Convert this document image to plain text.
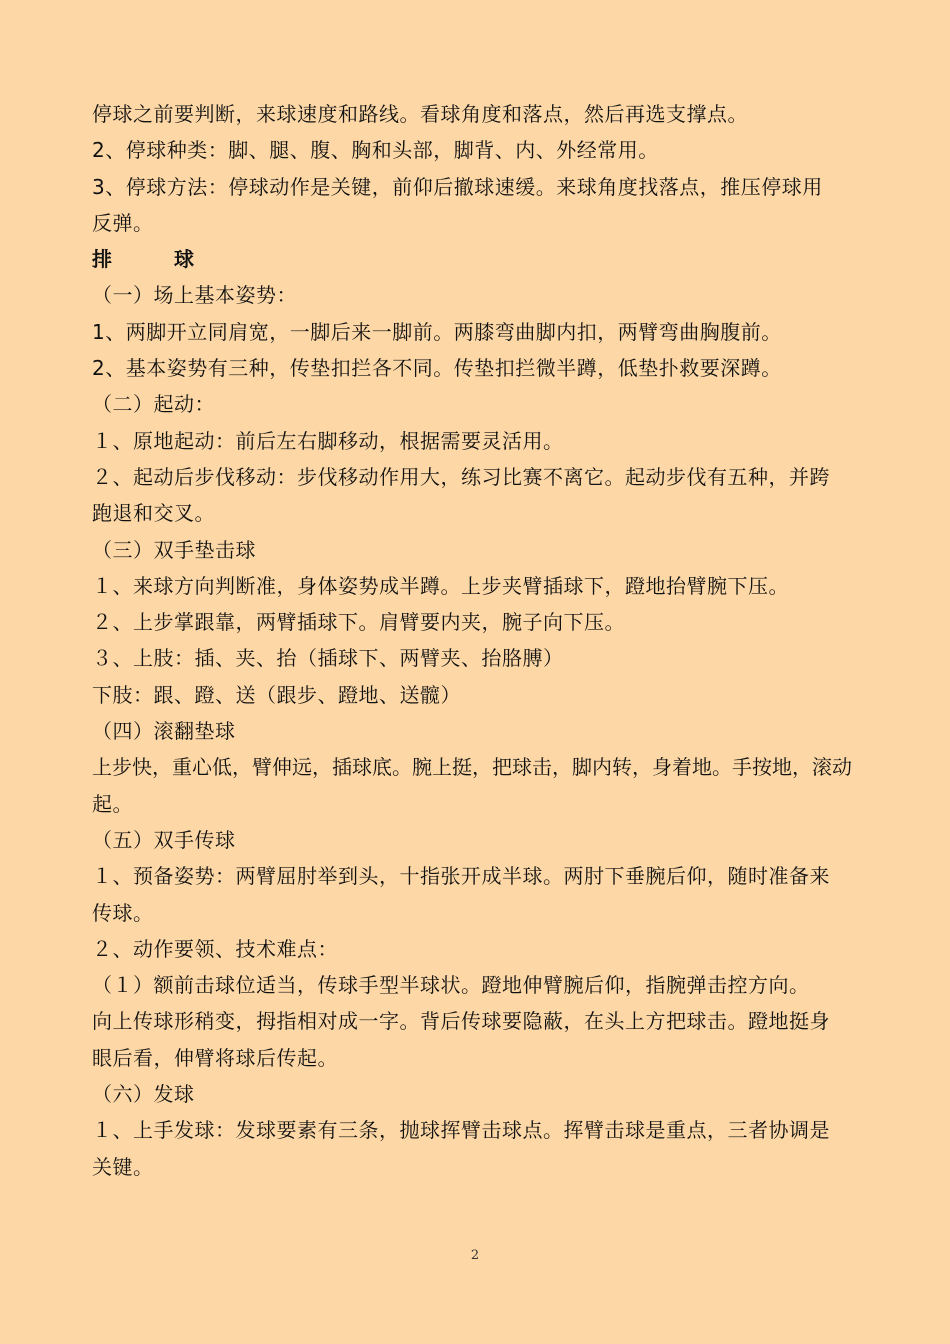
停球之前要判断，来球速度和路线。看球角度和落点，然后再选支撑点。
2、停球种类：脚、腿、腹、胸和头部，脚背、内、外经常用。
3、停球方法：停球动作是关键，前仰后撤球速缓。来球角度找落点，推压停球用
反弹。
排　　　球
（一）场上基本姿势：
1、两脚开立同肩宽，一脚后来一脚前。两膝弯曲脚内扣，两臂弯曲胸腹前。
2、基本姿势有三种，传垫扣拦各不同。传垫扣拦微半蹲，低垫扑救要深蹲。
（二）起动：
１、原地起动：前后左右脚移动，根据需要灵活用。
２、起动后步伐移动：步伐移动作用大，练习比赛不离它。起动步伐有五种，并跨
跑退和交叉。
（三）双手垫击球
１、来球方向判断准，身体姿势成半蹲。上步夹臂插球下，蹬地抬臂腕下压。
２、上步掌跟靠，两臂插球下。肩臂要内夹，腕子向下压。
３、上肢：插、夹、抬（插球下、两臂夹、抬胳膊）
下肢：跟、蹬、送（跟步、蹬地、送髋）
（四）滚翻垫球
上步快，重心低，臂伸远，插球底。腕上挺，把球击，脚内转，身着地。手按地，滚动
起。
（五）双手传球
１、预备姿势：两臂屈肘举到头，十指张开成半球。两肘下垂腕后仰，随时准备来
传球。
２、动作要领、技术难点：
（１）额前击球位适当，传球手型半球状。蹬地伸臂腕后仰，指腕弹击控方向。
向上传球形稍变，拇指相对成一字。背后传球要隐蔽，在头上方把球击。蹬地挺身
眼后看，伸臂将球后传起。
（六）发球
１、上手发球：发球要素有三条，抛球挥臂击球点。挥臂击球是重点，三者协调是
关键。
2
